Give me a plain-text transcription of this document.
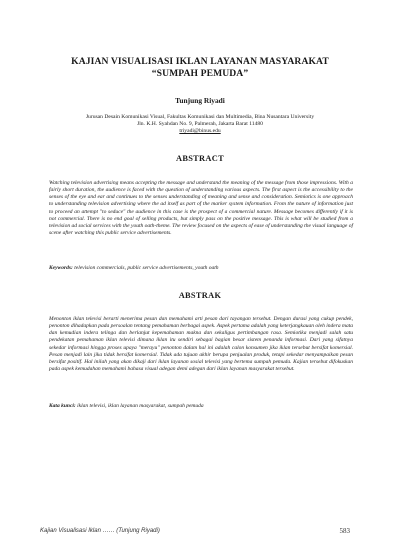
KAJIAN VISUALISASI IKLAN LAYANAN MASYARAKAT
“SUMPAH PEMUDA”
Tunjung Riyadi
Jurusan Desain Komunikasi Visual, Fakultas Komunikasi dan Multimedia, Bina Nusantara University
Jln. K.H. Syahdan No. 9, Palmerah, Jakarta Barat 11480
triyadi@binus.edu
ABSTRACT
Watching television advertising means accepting the message and understand the meaning of the message from those impressions. With a fairly short duration, the audience is faced with the question of understanding various aspects. The first aspect is the accessibility to the senses of the eye and ear and continues to the senses understanding of meaning and sense and consideration. Semiotics is one approach to understanding television advertising where the ad itself as part of the marker system information. From the nature of information just to proceed an attempt "to seduce" the audience in this case is the prospect of a commercial nature. Message becomes differently if it is not commercial. There is no end goal of selling products, but simply pass on the positive message. This is what will be studied from a television ad social services with the youth oath-theme. The review focused on the aspects of ease of understanding the visual language of scene after watching this public service advertisements.
Keywords: television commercials, public service advertisements, youth oath
ABSTRAK
Menonton iklan televisi berarti menerima pesan dan memahami arti pesan dari tayangan tersebut. Dengan durasi yang cukup pendek, penonton dihadapkan pada persoalan tentang pemahaman berbagai aspek. Aspek pertama adalah yang keterjangkauan oleh indera mata dan kemudian indera telinga dan berlanjut kepemahaman makna dan sekaligus pertimbangan rasa. Semiotika menjadi salah satu pendekatan pemahaman iklan televisi dimana iklan itu sendiri sebagai bagian besar sistem penanda informasi. Dari yang sifatnya sekedar informasi hingga proses upaya "merayu" penonton dalam hal ini adalah calon konsumen jika iklan tersebut bersifat komersial. Pesan menjadi lain jika tidak bersifat komersial. Tidak ada tujuan akhir berupa penjualan produk, tetapi sekedar menyampaikan pesan bersifat positif. Hal inilah yang akan dikaji dari iklan layanan sosial televisi yang bertema sumpah pemuda. Kajian tersebut difokuskan pada aspek kemudahan memahami bahasa visual adegan demi adegan dari iklan layanan masyarakat tersebut.
Kata kunci: iklan televisi, iklan layanan masyarakat, sumpah pemuda
Kajian Visualisasi Iklan …… (Tunjung Riyadi)	583
